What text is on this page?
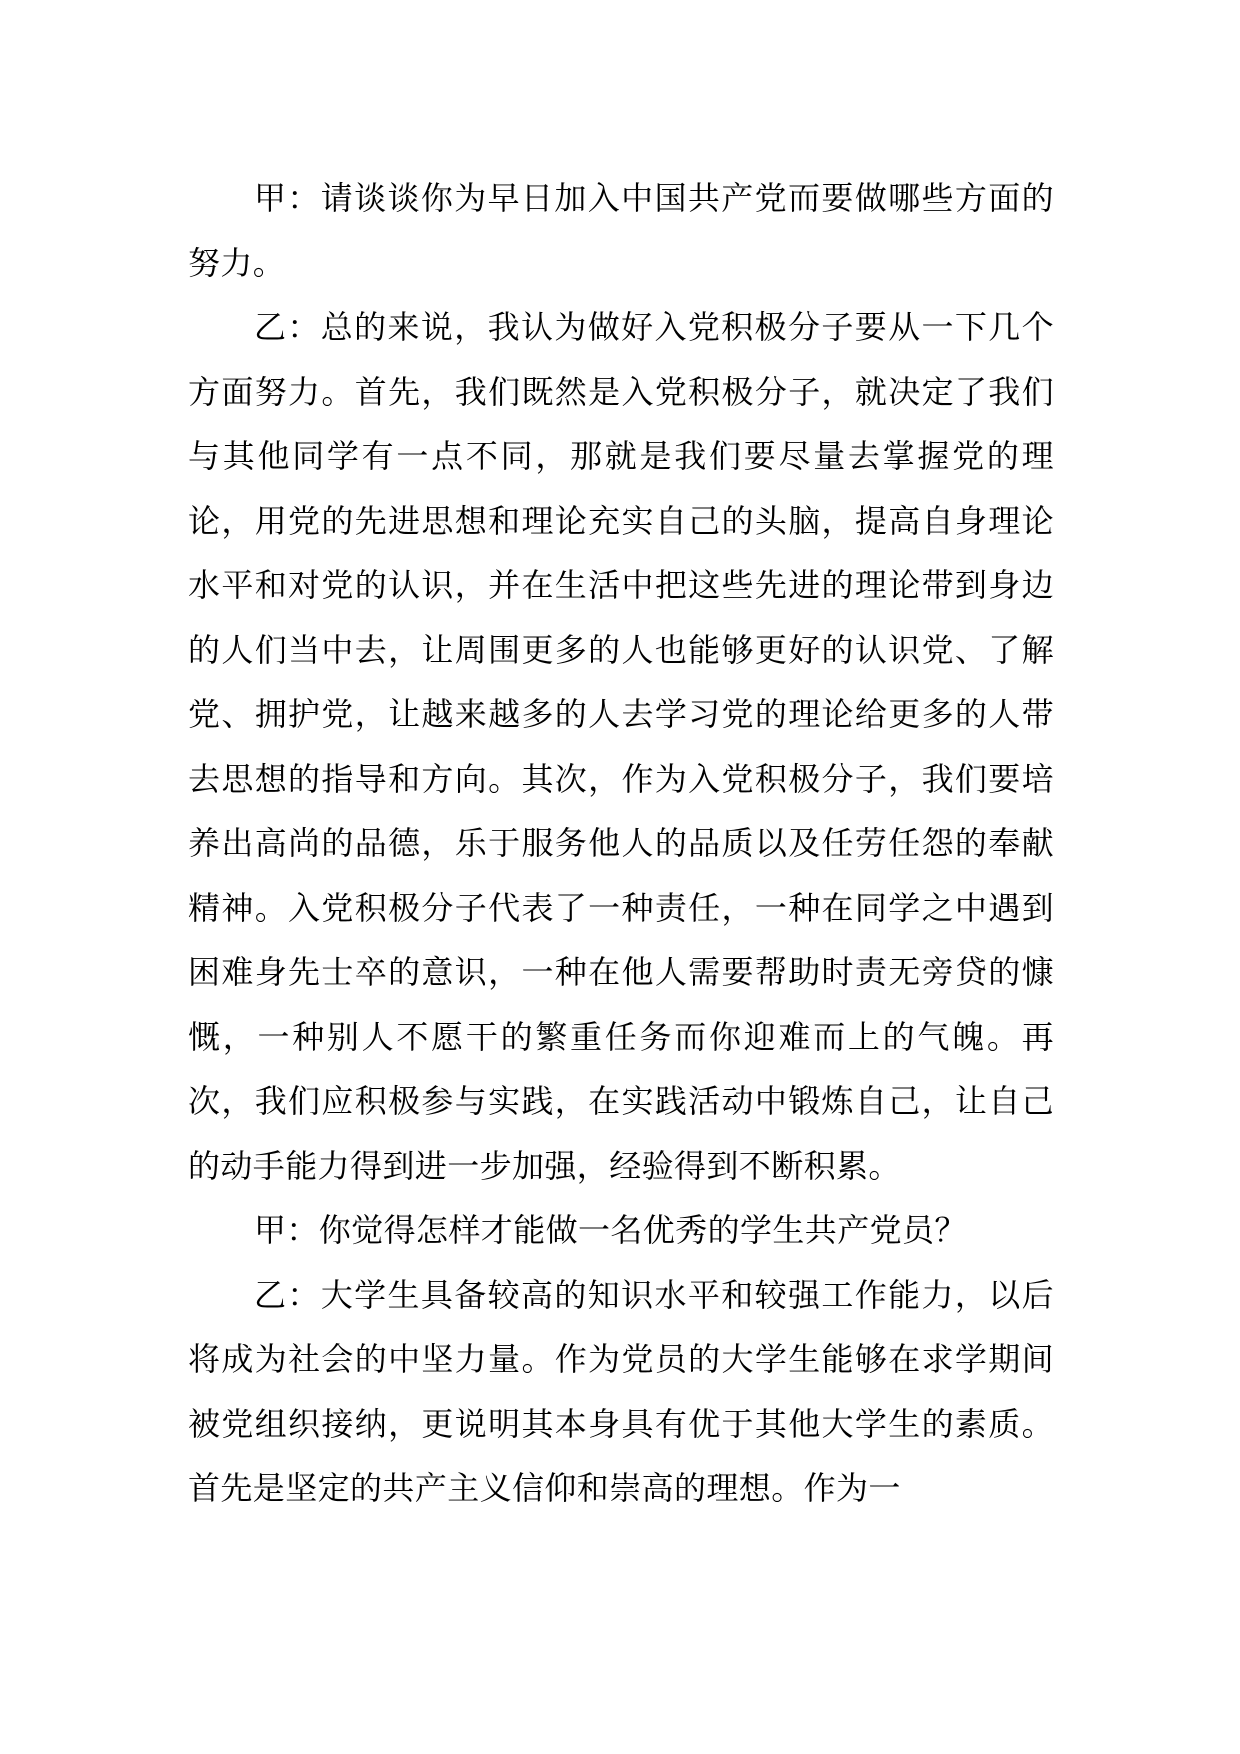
甲：请谈谈你为早日加入中国共产党而要做哪些方面的努力。

乙：总的来说，我认为做好入党积极分子要从一下几个方面努力。首先，我们既然是入党积极分子，就决定了我们与其他同学有一点不同，那就是我们要尽量去掌握党的理论，用党的先进思想和理论充实自己的头脑，提高自身理论水平和对党的认识，并在生活中把这些先进的理论带到身边的人们当中去，让周围更多的人也能够更好的认识党、了解党、拥护党，让越来越多的人去学习党的理论给更多的人带去思想的指导和方向。其次，作为入党积极分子，我们要培养出高尚的品德，乐于服务他人的品质以及任劳任怨的奉献精神。入党积极分子代表了一种责任，一种在同学之中遇到困难身先士卒的意识，一种在他人需要帮助时责无旁贷的慷慨，一种别人不愿干的繁重任务而你迎难而上的气魄。再次，我们应积极参与实践，在实践活动中锻炼自己，让自己的动手能力得到进一步加强，经验得到不断积累。

甲：你觉得怎样才能做一名优秀的学生共产党员？

乙：大学生具备较高的知识水平和较强工作能力，以后将成为社会的中坚力量。作为党员的大学生能够在求学期间被党组织接纳，更说明其本身具有优于其他大学生的素质。首先是坚定的共产主义信仰和崇高的理想。作为一
